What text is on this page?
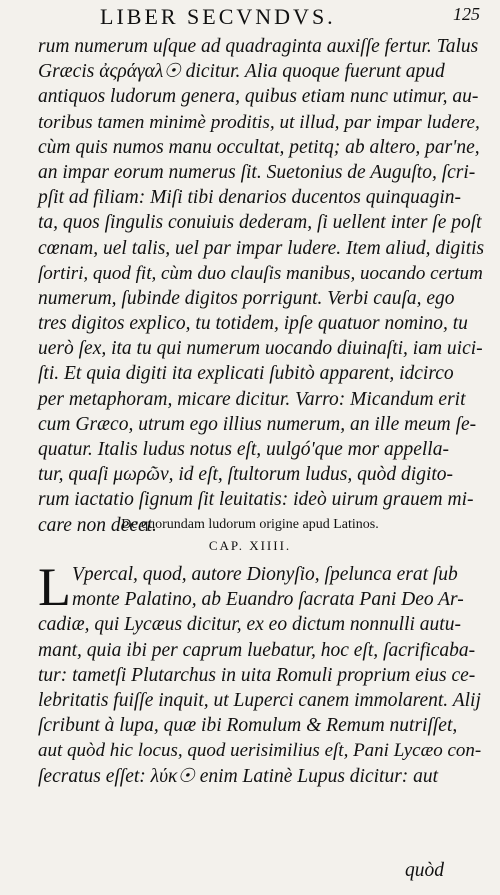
LIBER SECVNDVS.	125
rum numerum uſque ad quadraginta auxiſſe fertur. Talus
Græcis ἀςράγαλ☉ dicitur. Alia quoque fuerunt apud
antiquos ludorum genera, quibus etiam nunc utimur, au-
toribus tamen minimè proditis, ut illud, par impar ludere,
cùm quis numos manu occultat, petitq; ab altero, par'ne,
an impar eorum numerus ſit. Suetonius de Auguſto, ſcri-
pſit ad filiam: Miſi tibi denarios ducentos quinquagin-
ta, quos ſingulis conuiuis dederam, ſi uellent inter ſe poſt
cœnam, uel talis, uel par impar ludere. Item aliud, digitis
ſortiri, quod fit, cùm duo clauſis manibus, uocando certum
numerum, ſubinde digitos porrigunt. Verbi cauſa, ego
tres digitos explico, tu totidem, ipſe quatuor nomino, tu
uerò ſex, ita tu qui numerum uocando diuinaſti, iam uici-
ſti. Et quia digiti ita explicati ſubitò apparent, idcirco
per metaphoram, micare dicitur. Varro: Micandum erit
cum Græco, utrum ego illius numerum, an ille meum ſe-
quatur. Italis ludus notus eſt, uulgó'que mor appella-
tur, quaſi μωρῶν, id eſt, ſtultorum ludus, quòd digito-
rum iactatio ſignum ſit leuitatis: ideò uirum grauem mi-
care non decet.
De quorundam ludorum origine apud Latinos.
CAP. XIIII.
L Vpercal, quod, autore Dionyſio, ſpelunca erat ſub
monte Palatino, ab Euandro ſacrata Pani Deo Ar-
cadiæ, qui Lycæus dicitur, ex eo dictum nonnulli autu-
mant, quia ibi per caprum luebatur, hoc eſt, ſacrificaba-
tur: tametſi Plutarchus in uita Romuli proprium eius ce-
lebritatis fuiſſe inquit, ut Luperci canem immolarent. Alij
ſcribunt à lupa, quæ ibi Romulum & Remum nutriſſet,
aut quòd hic locus, quod uerisimilius eſt, Pani Lycæo con-
ſecratus eſſet: λύκ☉ enim Latinè Lupus dicitur: aut
quòd
